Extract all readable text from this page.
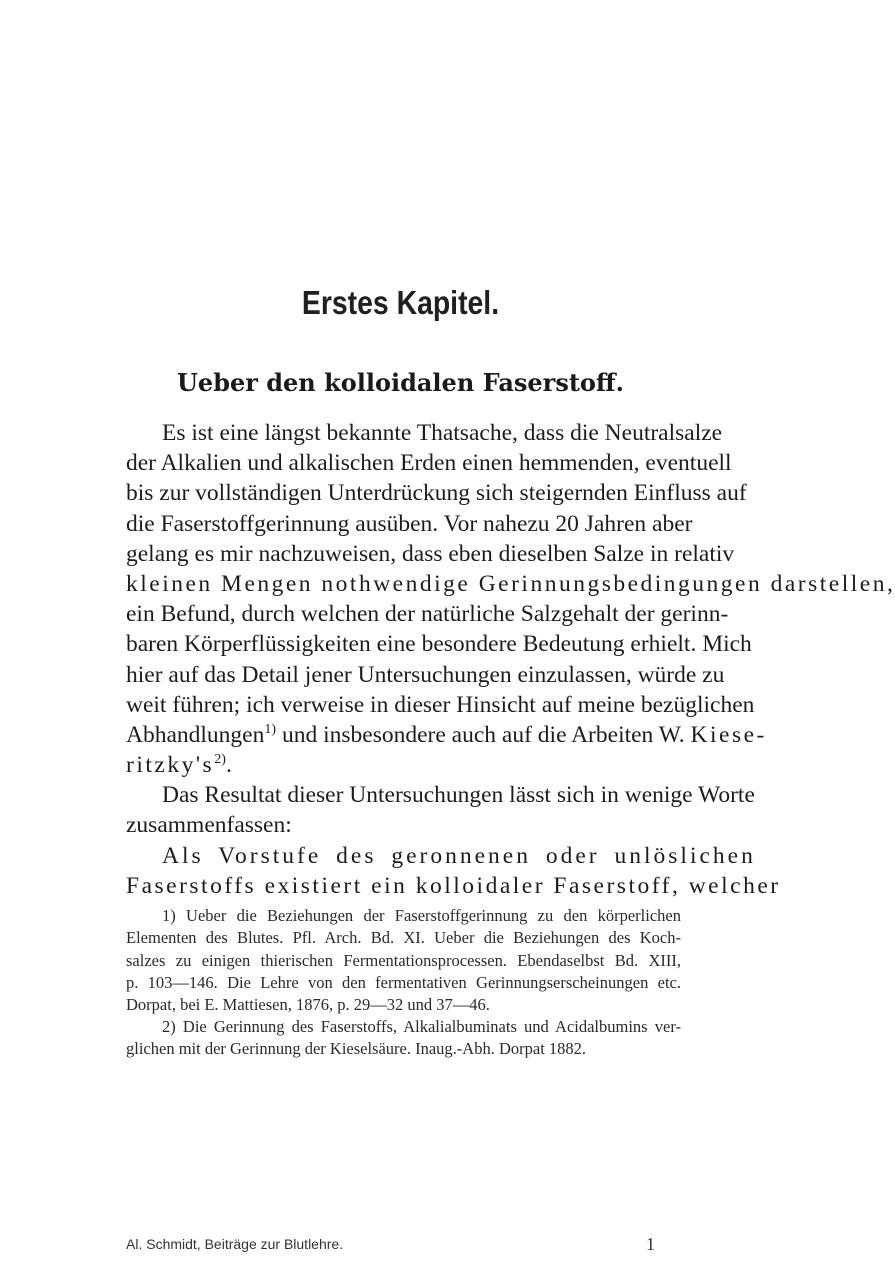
Erstes Kapitel.
Ueber den kolloidalen Faserstoff.
Es ist eine längst bekannte Thatsache, dass die Neutralsalze
der Alkalien und alkalischen Erden einen hemmenden, eventuell
bis zur vollständigen Unterdrückung sich steigernden Einfluss auf
die Faserstoffgerinnung ausüben. Vor nahezu 20 Jahren aber
gelang es mir nachzuweisen, dass eben dieselben Salze in relativ
kleinen Mengen nothwendige Gerinnungsbedingungen darstellen,
ein Befund, durch welchen der natürliche Salzgehalt der gerinn-
baren Körperflüssigkeiten eine besondere Bedeutung erhielt. Mich
hier auf das Detail jener Untersuchungen einzulassen, würde zu
weit führen; ich verweise in dieser Hinsicht auf meine bezüglichen
Abhandlungen$^{1)}$ und insbesondere auch auf die Arbeiten W. Kiese-
$ritzky's^{2)}$.
Das Resultat dieser Untersuchungen lässt sich in wenige Worte
zusammenfassen:
Als Vorstufe des geronnenen oder unlöslichen
Faserstoffs existiert ein kolloidaler Faserstoff, welcher
1) Ueber die Beziehungen der Faserstoffgerinnung zu den körperlichen
Elementen des Blutes. Pfl. Arch. Bd. XI. Ueber die Beziehungen des Koch-
salzes zu einigen thierischen Fermentationsprocessen. Ebendaselbst Bd. XIII,
p. 103—146. Die Lehre von den fermentativen Gerinnungserscheinungen etc.
Dorpat, bei E. Mattiesen, 1876, p. 29—32 und 37—46.
2) Die Gerinnung des Faserstoffs, Alkalialbuminats und Acidalbumins ver-
glichen mit der Gerinnung der Kieselsäure. Inaug.-Abh. Dorpat 1882.
Al. Schmidt, Beiträge zur Blutlehre.	1
